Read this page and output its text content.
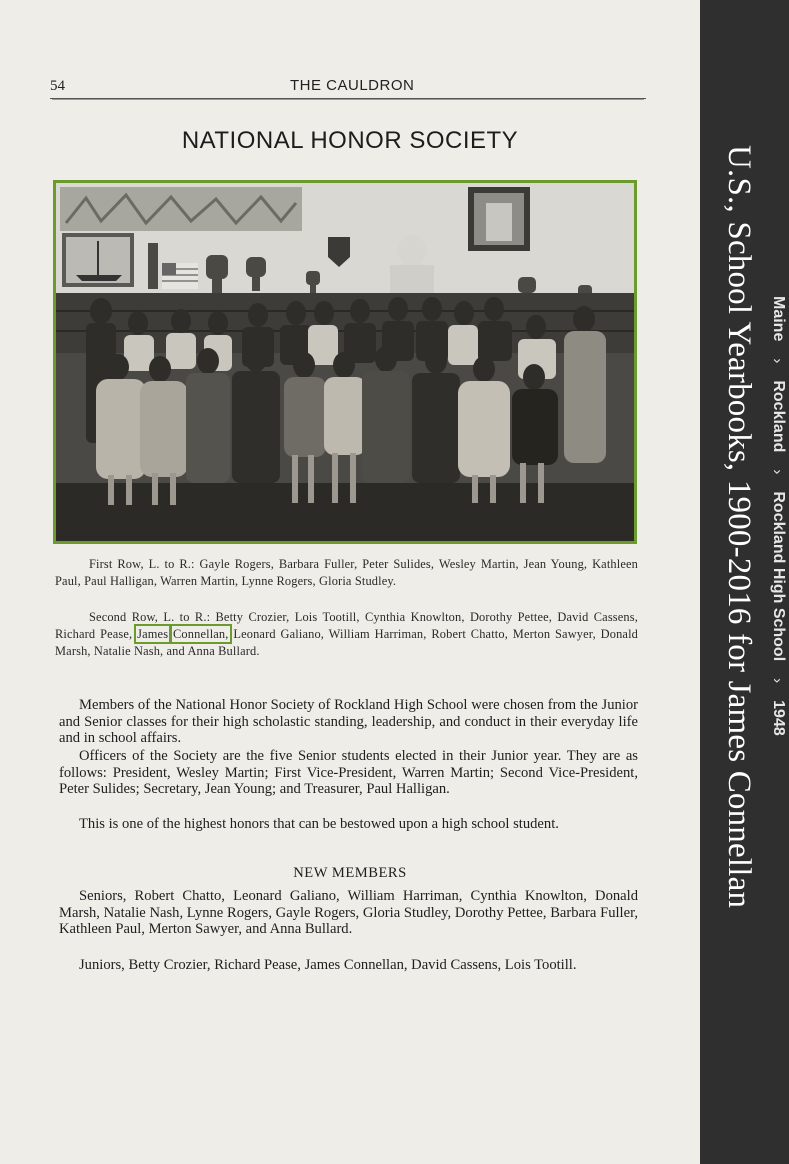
54	THE CAULDRON
NATIONAL HONOR SOCIETY

First Row, L. to R.: Gayle Rogers, Barbara Fuller, Peter Sulides, Wesley Martin, Jean Young, Kathleen Paul, Paul Halligan, Warren Martin, Lynne Rogers, Gloria Studley.

Second Row, L. to R.: Betty Crozier, Lois Tootill, Cynthia Knowlton, Dorothy Pettee, David Cassens, Richard Pease, James Connellan, Leonard Galiano, William Harriman, Robert Chatto, Merton Sawyer, Donald Marsh, Natalie Nash, and Anna Bullard.

Members of the National Honor Society of Rockland High School were chosen from the Junior and Senior classes for their high scholastic standing, leadership, and conduct in their everyday life and in school affairs.

Officers of the Society are the five Senior students elected in their Junior year. They are as follows: President, Wesley Martin; First Vice-President, Warren Martin; Second Vice-President, Peter Sulides; Secretary, Jean Young; and Treasurer, Paul Halligan.

This is one of the highest honors that can be bestowed upon a high school student.

NEW MEMBERS

Seniors, Robert Chatto, Leonard Galiano, William Harriman, Cynthia Knowlton, Donald Marsh, Natalie Nash, Lynne Rogers, Gayle Rogers, Gloria Studley, Dorothy Pettee, Barbara Fuller, Kathleen Paul, Merton Sawyer, and Anna Bullard.

Juniors, Betty Crozier, Richard Pease, James Connellan, David Cassens, Lois Tootill.

U.S., School Yearbooks, 1900-2016 for James Connellan Maine
›
Rockland
›
Rockland High School
›
1948
